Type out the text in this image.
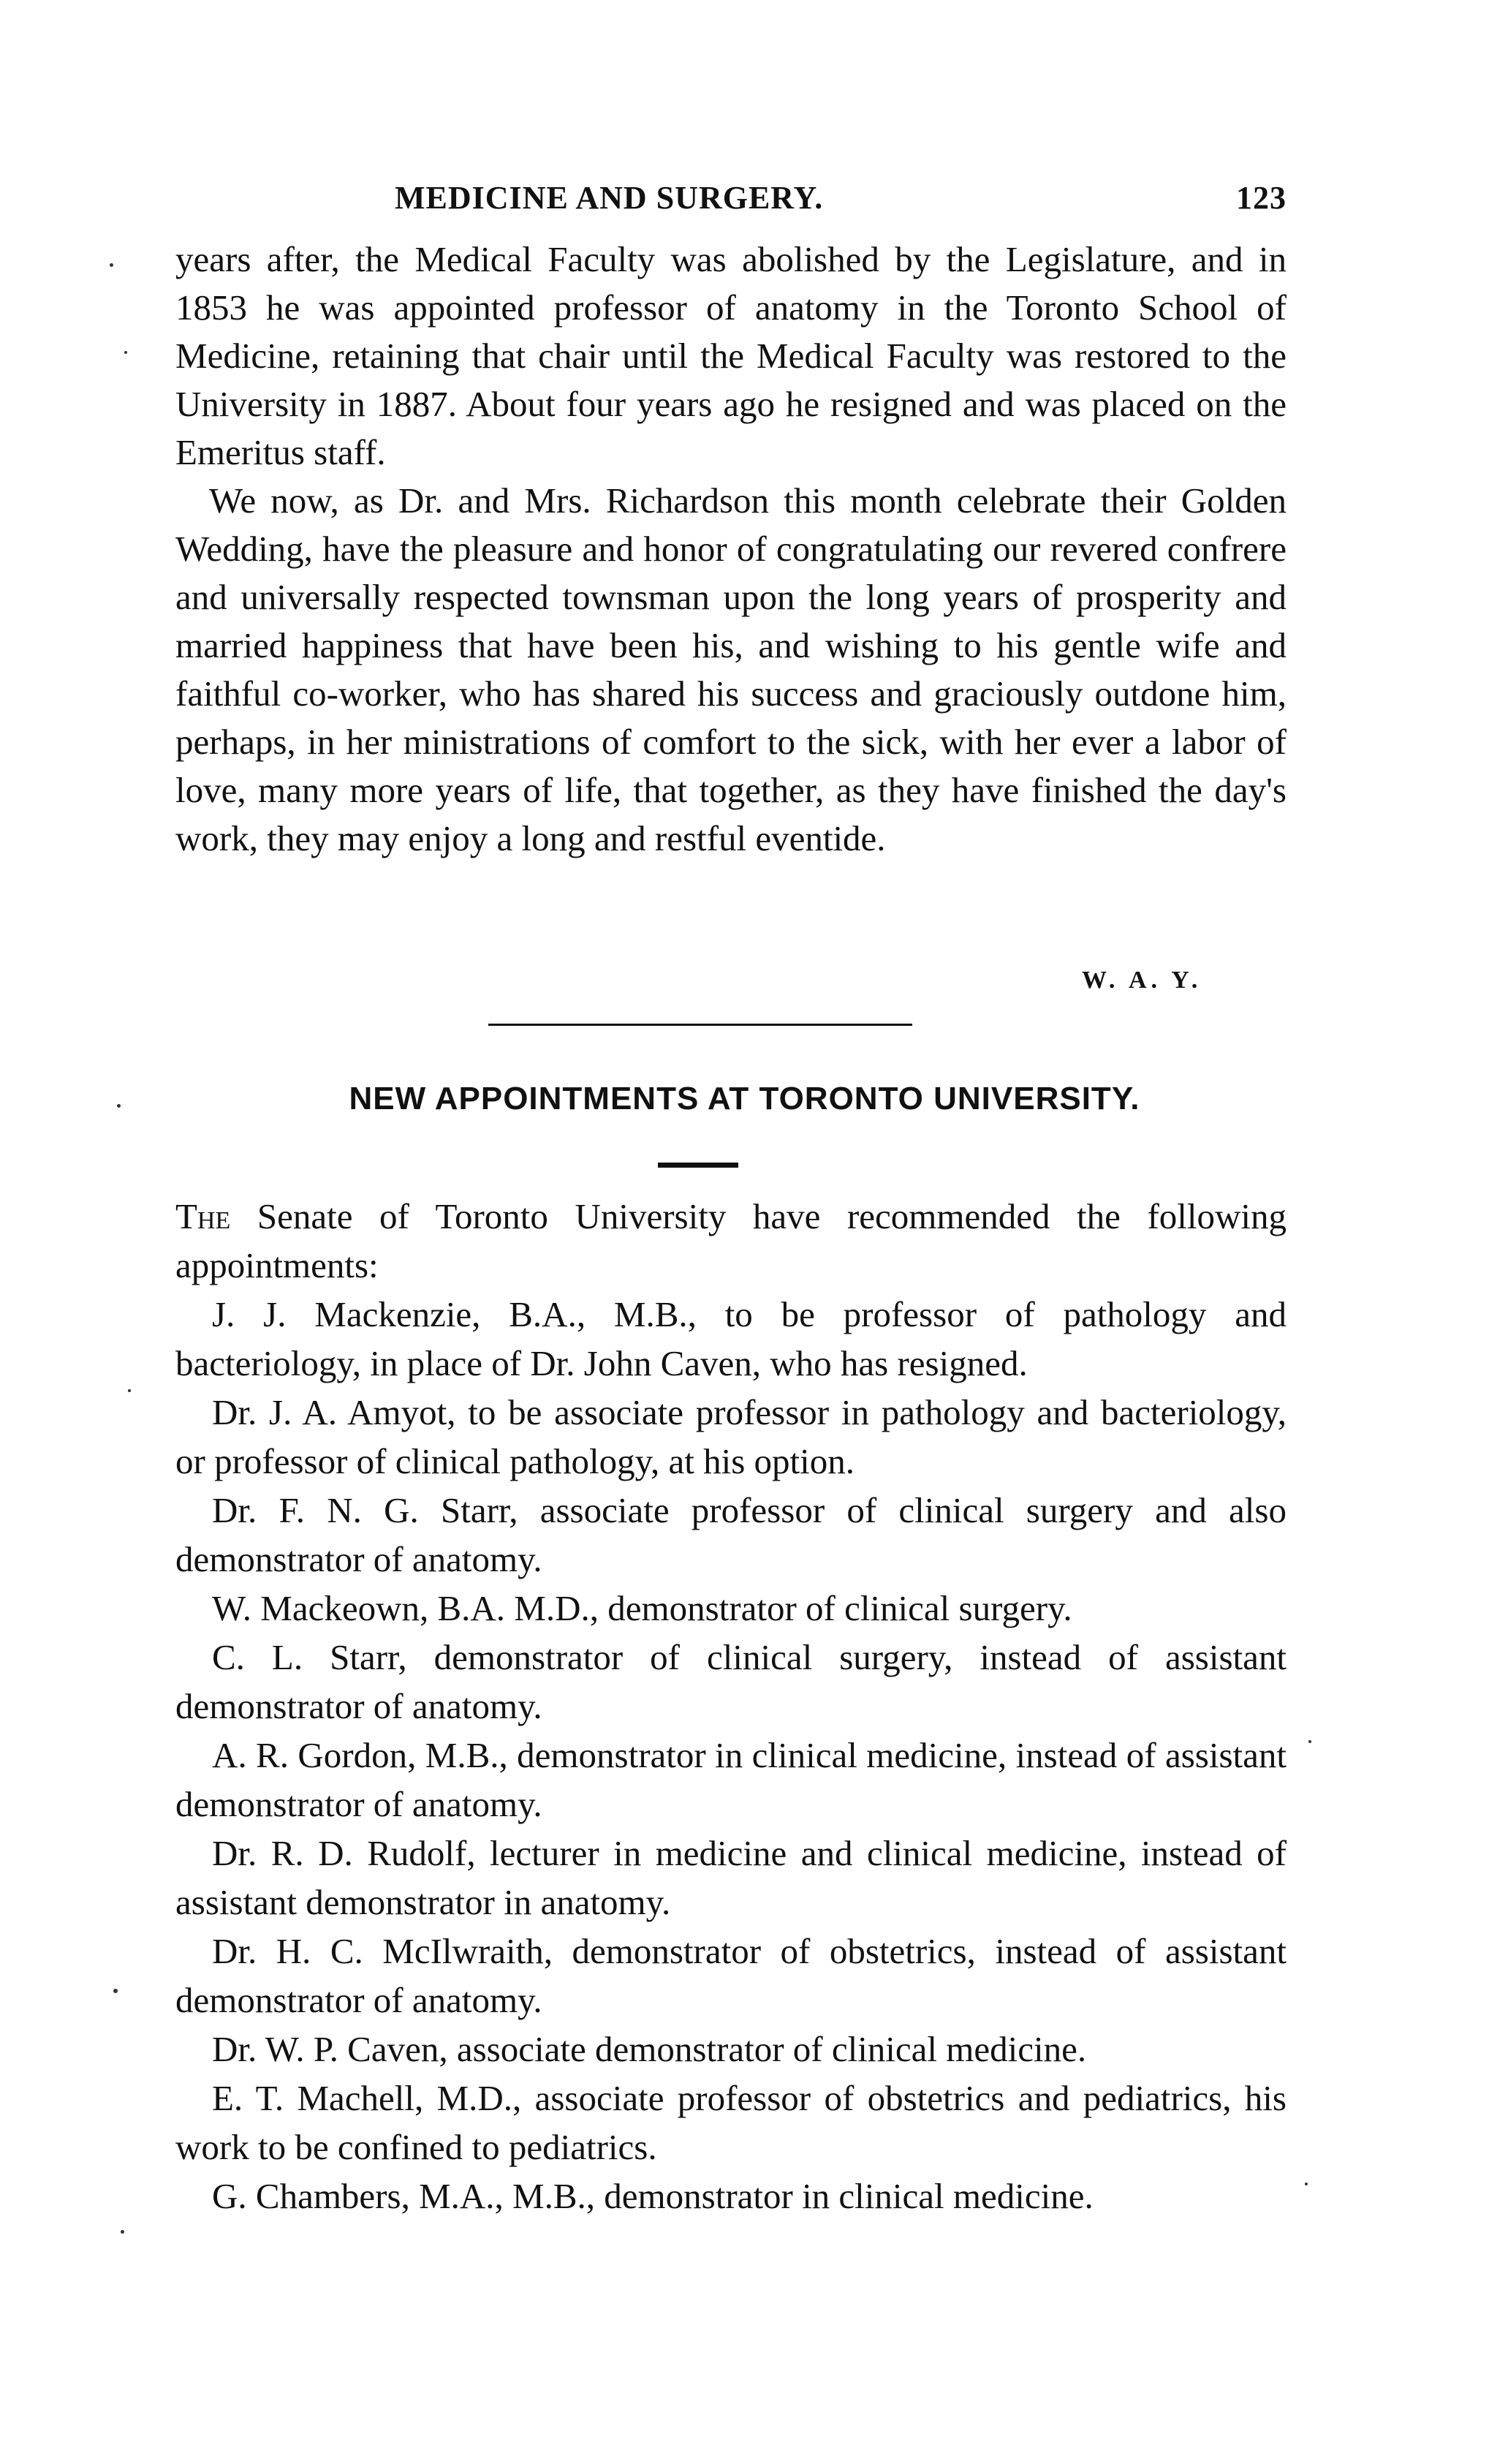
MEDICINE AND SURGERY.	123

years after, the Medical Faculty was abolished by the Legislature, and in 1853 he was appointed professor of anatomy in the Toronto School of Medicine, retaining that chair until the Medical Faculty was restored to the University in 1887. About four years ago he resigned and was placed on the Emeritus staff.

We now, as Dr. and Mrs. Richardson this month celebrate their Golden Wedding, have the pleasure and honor of congratulating our revered confrere and universally respected townsman upon the long years of prosperity and married happiness that have been his, and wishing to his gentle wife and faithful co-worker, who has shared his success and graciously outdone him, perhaps, in her ministrations of comfort to the sick, with her ever a labor of love, many more years of life, that together, as they have finished the day's work, they may enjoy a long and restful eventide.

W. A. Y.
NEW APPOINTMENTS AT TORONTO UNIVERSITY.

The Senate of Toronto University have recommended the following appointments:

J. J. Mackenzie, B.A., M.B., to be professor of pathology and bacteriology, in place of Dr. John Caven, who has resigned.

Dr. J. A. Amyot, to be associate professor in pathology and bacteriology, or professor of clinical pathology, at his option.

Dr. F. N. G. Starr, associate professor of clinical surgery and also demonstrator of anatomy.

W. Mackeown, B.A. M.D., demonstrator of clinical surgery.

C. L. Starr, demonstrator of clinical surgery, instead of assistant demonstrator of anatomy.

A. R. Gordon, M.B., demonstrator in clinical medicine, instead of assistant demonstrator of anatomy.

Dr. R. D. Rudolf, lecturer in medicine and clinical medicine, instead of assistant demonstrator in anatomy.

Dr. H. C. McIlwraith, demonstrator of obstetrics, instead of assistant demonstrator of anatomy.

Dr. W. P. Caven, associate demonstrator of clinical medicine.

E. T. Machell, M.D., associate professor of obstetrics and pediatrics, his work to be confined to pediatrics.

G. Chambers, M.A., M.B., demonstrator in clinical medicine.
